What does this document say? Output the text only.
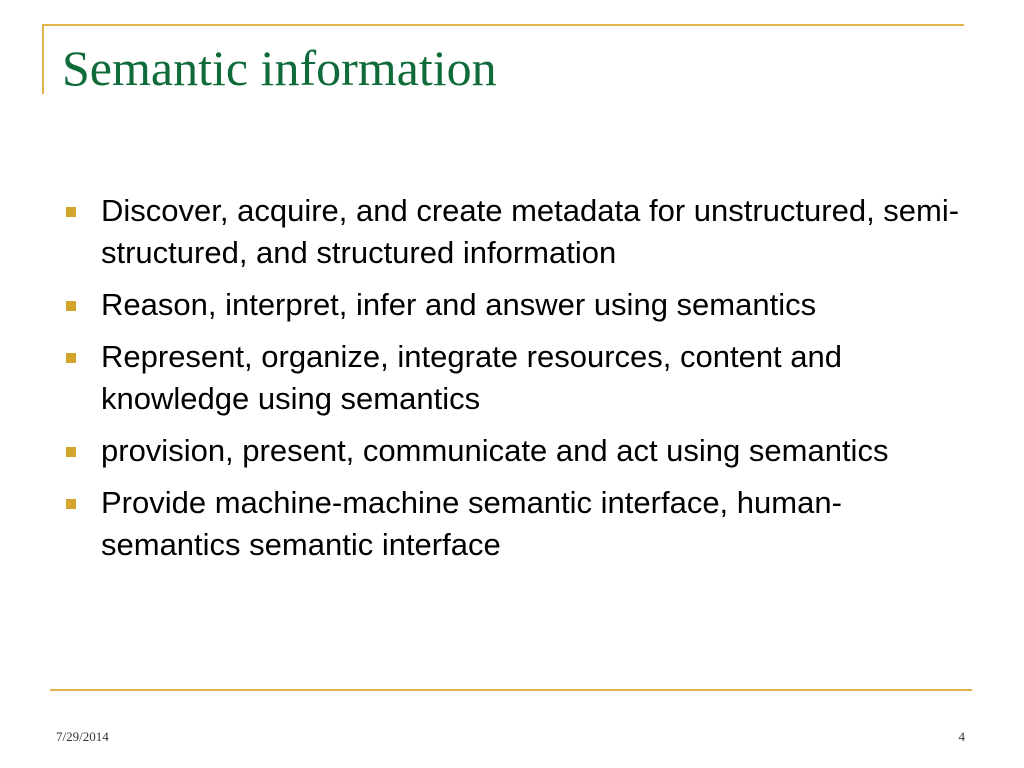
Semantic information
Discover, acquire, and create metadata for unstructured, semi-structured, and structured information
Reason, interpret, infer and answer using semantics
Represent, organize, integrate resources, content and knowledge using semantics
provision, present, communicate and act using semantics
Provide machine-machine semantic interface, human-semantics semantic interface
7/29/2014	4
